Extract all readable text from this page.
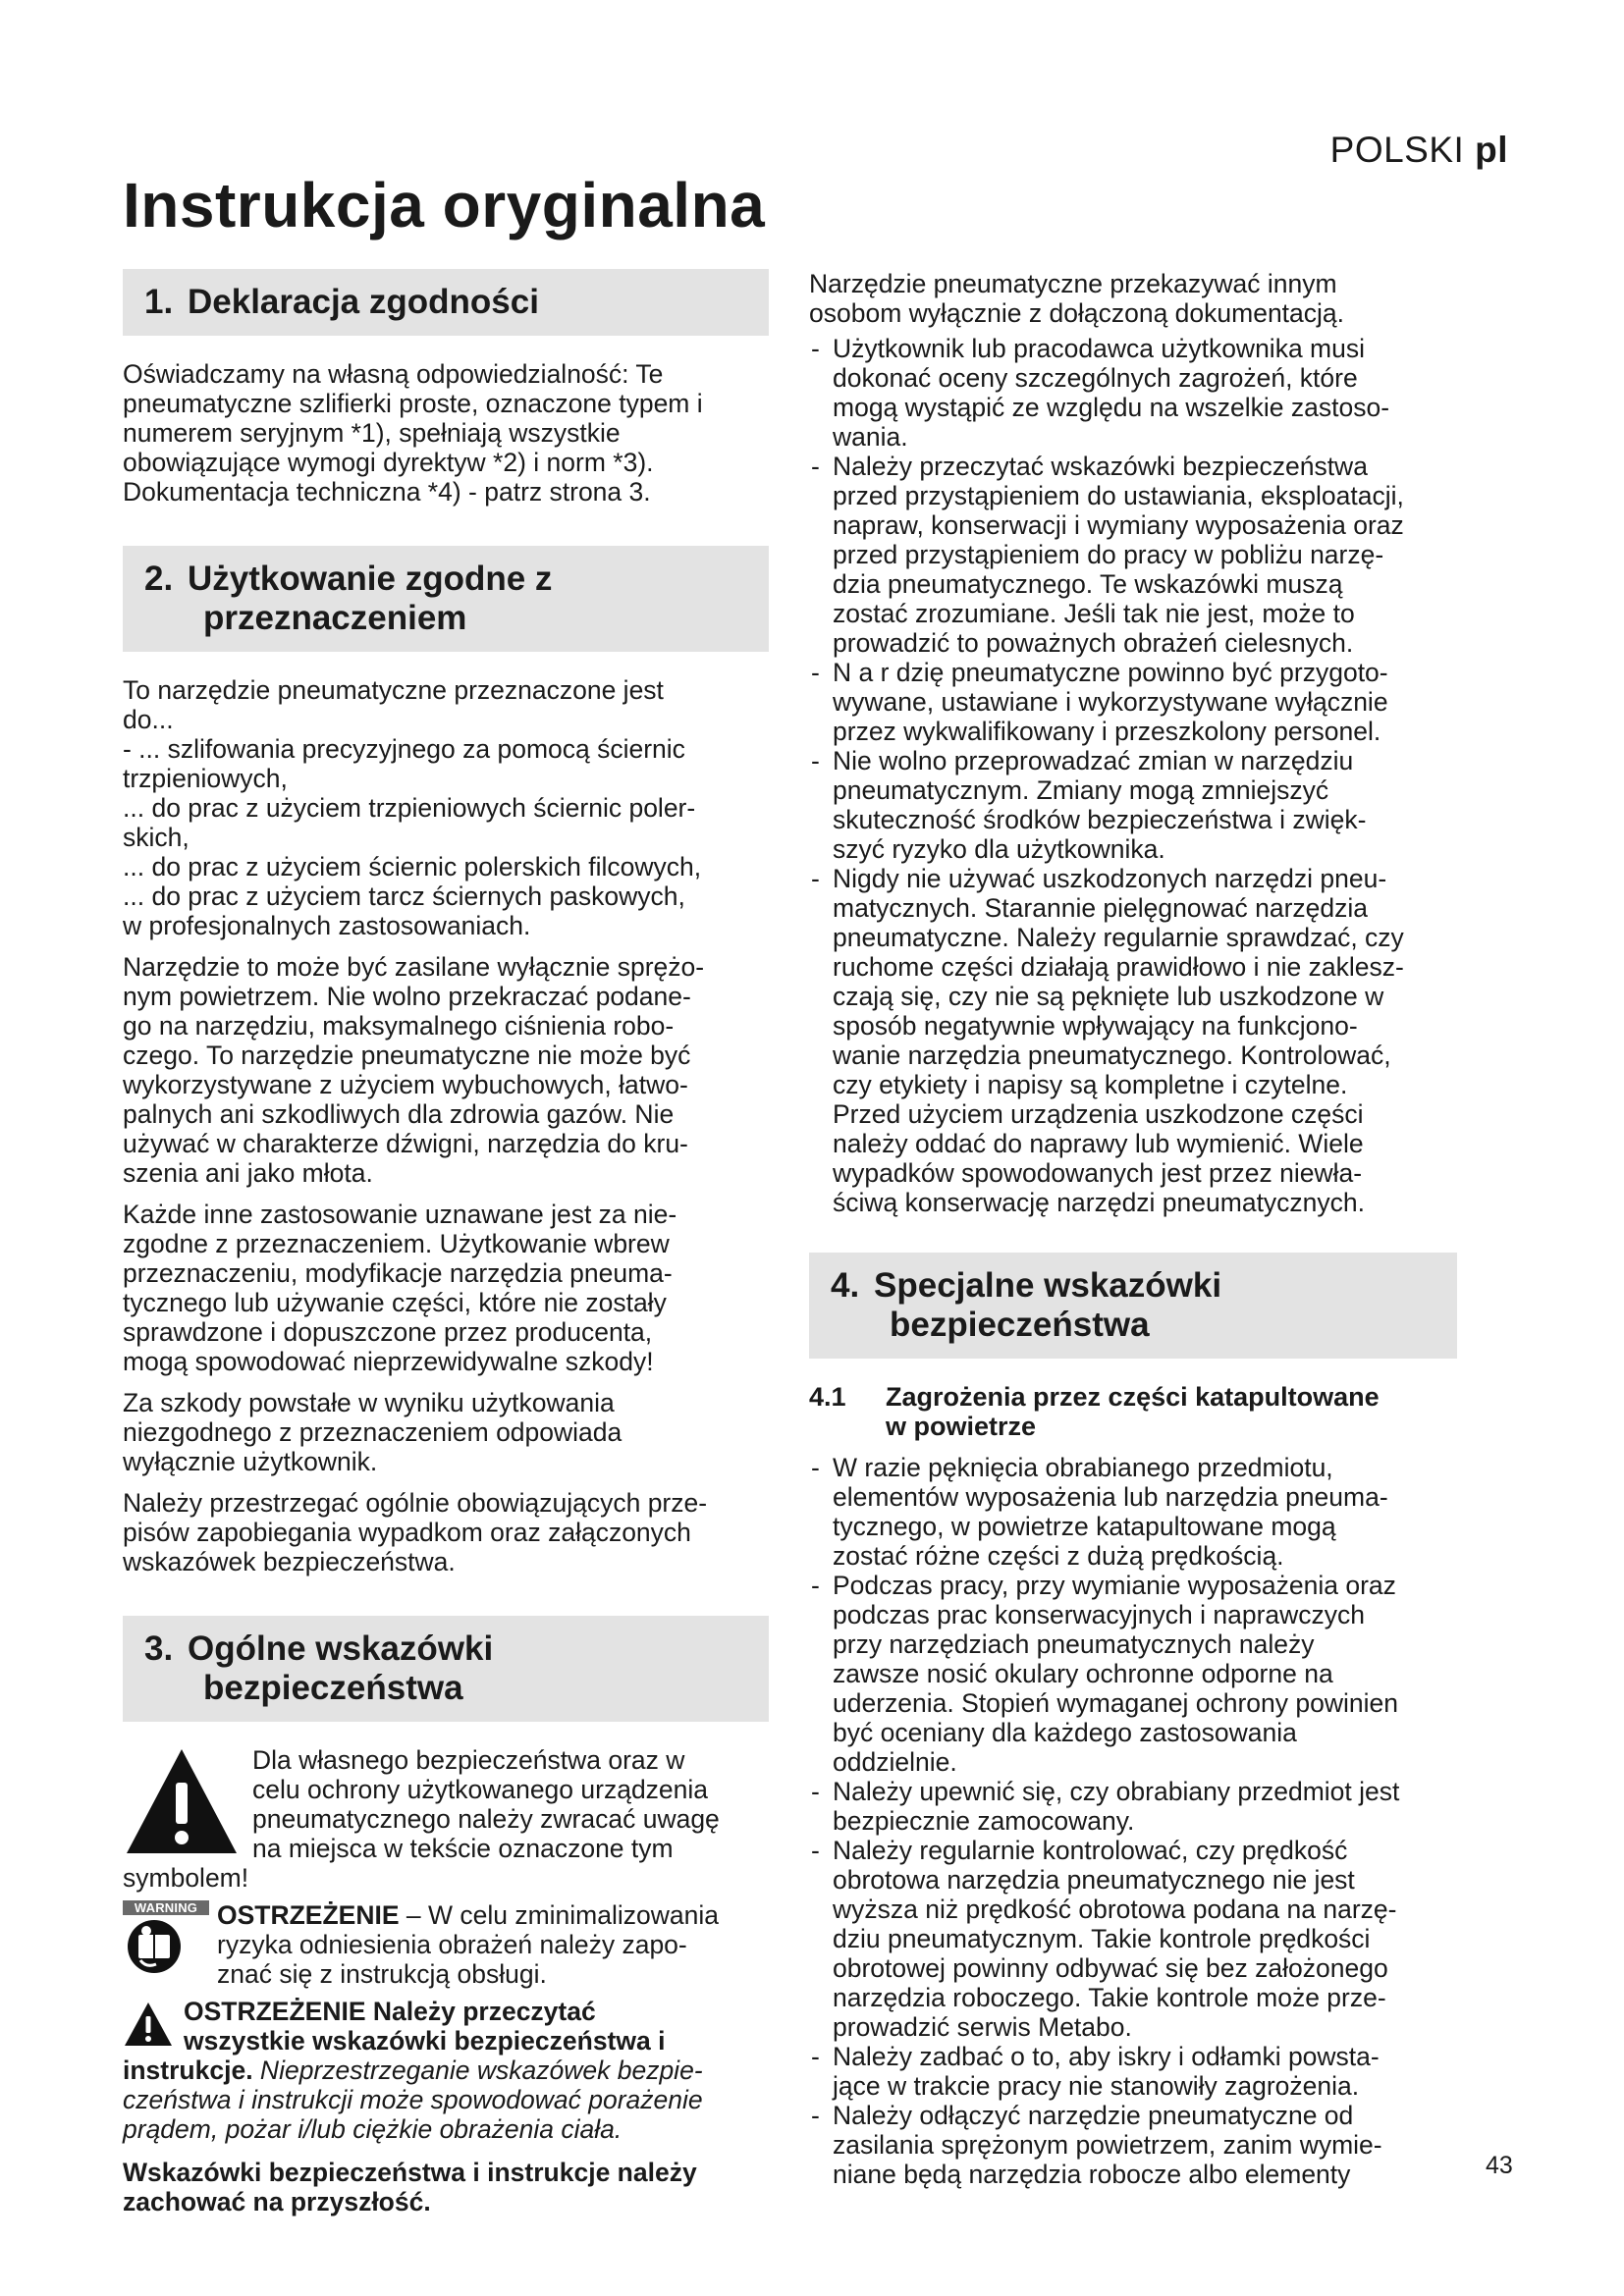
POLSKI pl
Instrukcja oryginalna
1. Deklaracja zgodności

Oświadczamy na własną odpowiedzialność: Te
pneumatyczne szlifierki proste, oznaczone typem i
numerem seryjnym *1), spełniają wszystkie
obowiązujące wymogi dyrektyw *2) i norm *3).
Dokumentacja techniczna *4) - patrz strona 3.

2. Użytkowanie zgodne z
przeznaczeniem

To narzędzie pneumatyczne przeznaczone jest
do...
- ... szlifowania precyzyjnego za pomocą ściernic
trzpieniowych,
... do prac z użyciem trzpieniowych ściernic poler-
skich,
... do prac z użyciem ściernic polerskich filcowych,
... do prac z użyciem tarcz ściernych paskowych,
w profesjonalnych zastosowaniach.

Narzędzie to może być zasilane wyłącznie sprężo-
nym powietrzem. Nie wolno przekraczać podane-
go na narzędziu, maksymalnego ciśnienia robo-
czego. To narzędzie pneumatyczne nie może być
wykorzystywane z użyciem wybuchowych, łatwo-
palnych ani szkodliwych dla zdrowia gazów. Nie
używać w charakterze dźwigni, narzędzia do kru-
szenia ani jako młota.

Każde inne zastosowanie uznawane jest za nie-
zgodne z przeznaczeniem. Użytkowanie wbrew
przeznaczeniu, modyfikacje narzędzia pneuma-
tycznego lub używanie części, które nie zostały
sprawdzone i dopuszczone przez producenta,
mogą spowodować nieprzewidywalne szkody!

Za szkody powstałe w wyniku użytkowania
niezgodnego z przeznaczeniem odpowiada
wyłącznie użytkownik.

Należy przestrzegać ogólnie obowiązujących prze-
pisów zapobiegania wypadkom oraz załączonych
wskazówek bezpieczeństwa.

3. Ogólne wskazówki
bezpieczeństwa
Dla własnego bezpieczeństwa oraz w
celu ochrony użytkowanego urządzenia
pneumatycznego należy zwracać uwagę
na miejsca w tekście oznaczone tym
symbolem!
WARNING OSTRZEŻENIE – W celu zminimalizowania
ryzyka odniesienia obrażeń należy zapo-
znać się z instrukcją obsługi.
OSTRZEŻENIE Należy przeczytać
wszystkie wskazówki bezpieczeństwa i
instrukcje. Nieprzestrzeganie wskazówek bezpie-
czeństwa i instrukcji może spowodować porażenie
prądem, pożar i/lub ciężkie obrażenia ciała.

Wskazówki bezpieczeństwa i instrukcje należy
zachować na przyszłość.

Narzędzie pneumatyczne przekazywać innym
osobom wyłącznie z dołączoną dokumentacją.

- Użytkownik lub pracodawca użytkownika musi
dokonać oceny szczególnych zagrożeń, które
mogą wystąpić ze względu na wszelkie zastoso-
wania.
- Należy przeczytać wskazówki bezpieczeństwa
przed przystąpieniem do ustawiania, eksploatacji,
napraw, konserwacji i wymiany wyposażenia oraz
przed przystąpieniem do pracy w pobliżu narzę-
dzia pneumatycznego. Te wskazówki muszą
zostać zrozumiane. Jeśli tak nie jest, może to
prowadzić to poważnych obrażeń cielesnych.
- N a r dzię pneumatyczne powinno być przygoto-
wywane, ustawiane i wykorzystywane wyłącznie
przez wykwalifikowany i przeszkolony personel.
- Nie wolno przeprowadzać zmian w narzędziu
pneumatycznym. Zmiany mogą zmniejszyć
skuteczność środków bezpieczeństwa i zwięk-
szyć ryzyko dla użytkownika.
- Nigdy nie używać uszkodzonych narzędzi pneu-
matycznych. Starannie pielęgnować narzędzia
pneumatyczne. Należy regularnie sprawdzać, czy
ruchome części działają prawidłowo i nie zaklesz-
czają się, czy nie są pęknięte lub uszkodzone w
sposób negatywnie wpływający na funkcjono-
wanie narzędzia pneumatycznego. Kontrolować,
czy etykiety i napisy są kompletne i czytelne.
Przed użyciem urządzenia uszkodzone części
należy oddać do naprawy lub wymienić. Wiele
wypadków spowodowanych jest przez niewła-
ściwą konserwację narzędzi pneumatycznych.
4. Specjalne wskazówki
bezpieczeństwa
4.1	Zagrożenia przez części katapultowane
w powietrze
- W razie pęknięcia obrabianego przedmiotu,
elementów wyposażenia lub narzędzia pneuma-
tycznego, w powietrze katapultowane mogą
zostać różne części z dużą prędkością.
- Podczas pracy, przy wymianie wyposażenia oraz
podczas prac konserwacyjnych i naprawczych
przy narzędziach pneumatycznych należy
zawsze nosić okulary ochronne odporne na
uderzenia. Stopień wymaganej ochrony powinien
być oceniany dla każdego zastosowania
oddzielnie.
- Należy upewnić się, czy obrabiany przedmiot jest
bezpiecznie zamocowany.
- Należy regularnie kontrolować, czy prędkość
obrotowa narzędzia pneumatycznego nie jest
wyższa niż prędkość obrotowa podana na narzę-
dziu pneumatycznym. Takie kontrole prędkości
obrotowej powinny odbywać się bez założonego
narzędzia roboczego. Takie kontrole może prze-
prowadzić serwis Metabo.
- Należy zadbać o to, aby iskry i odłamki powsta-
jące w trakcie pracy nie stanowiły zagrożenia.
- Należy odłączyć narzędzie pneumatyczne od
zasilania sprężonym powietrzem, zanim wymie-
niane będą narzędzia robocze albo elementy	43
